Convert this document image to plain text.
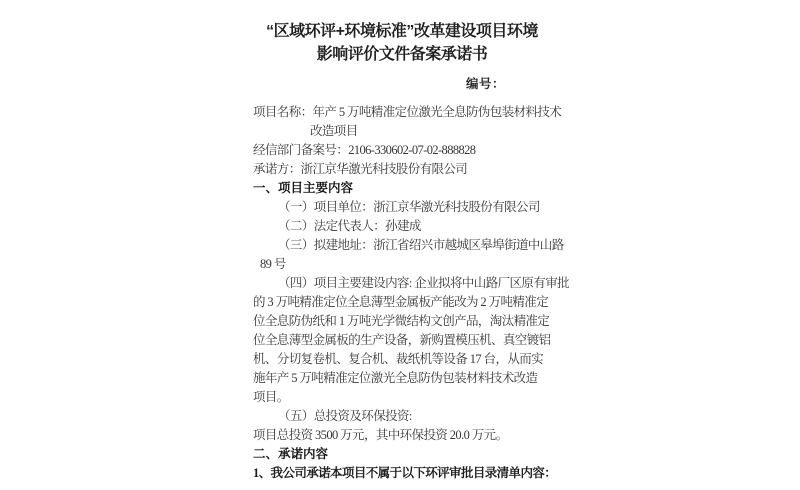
“区域环评+环境标准”改革建设项目环境
影响评价文件备案承诺书
编号：
项目名称：年产 5 万吨精准定位激光全息防伪包装材料技术
改造项目
经信部门备案号：2106-330602-07-02-888828
承诺方：浙江京华激光科技股份有限公司
一、项目主要内容
（一）项目单位：浙江京华激光科技股份有限公司
（二）法定代表人：孙建成
（三）拟建地址：浙江省绍兴市越城区皋埠街道中山路
89 号
（四）项目主要建设内容: 企业拟将中山路厂区原有审批
的 3 万吨精准定位全息薄型金属板产能改为 2 万吨精准定
位全息防伪纸和 1 万吨光学微结构文创产品，淘汰精准定
位全息薄型金属板的生产设备，新购置模压机、真空镀铝
机、分切复卷机、复合机、裁纸机等设备 17 台，从而实
施年产 5 万吨精准定位激光全息防伪包装材料技术改造
项目。
（五）总投资及环保投资:
项目总投资 3500 万元，其中环保投资 20.0 万元。
二、承诺内容
1、我公司承诺本项目不属于以下环评审批目录清单内容：
